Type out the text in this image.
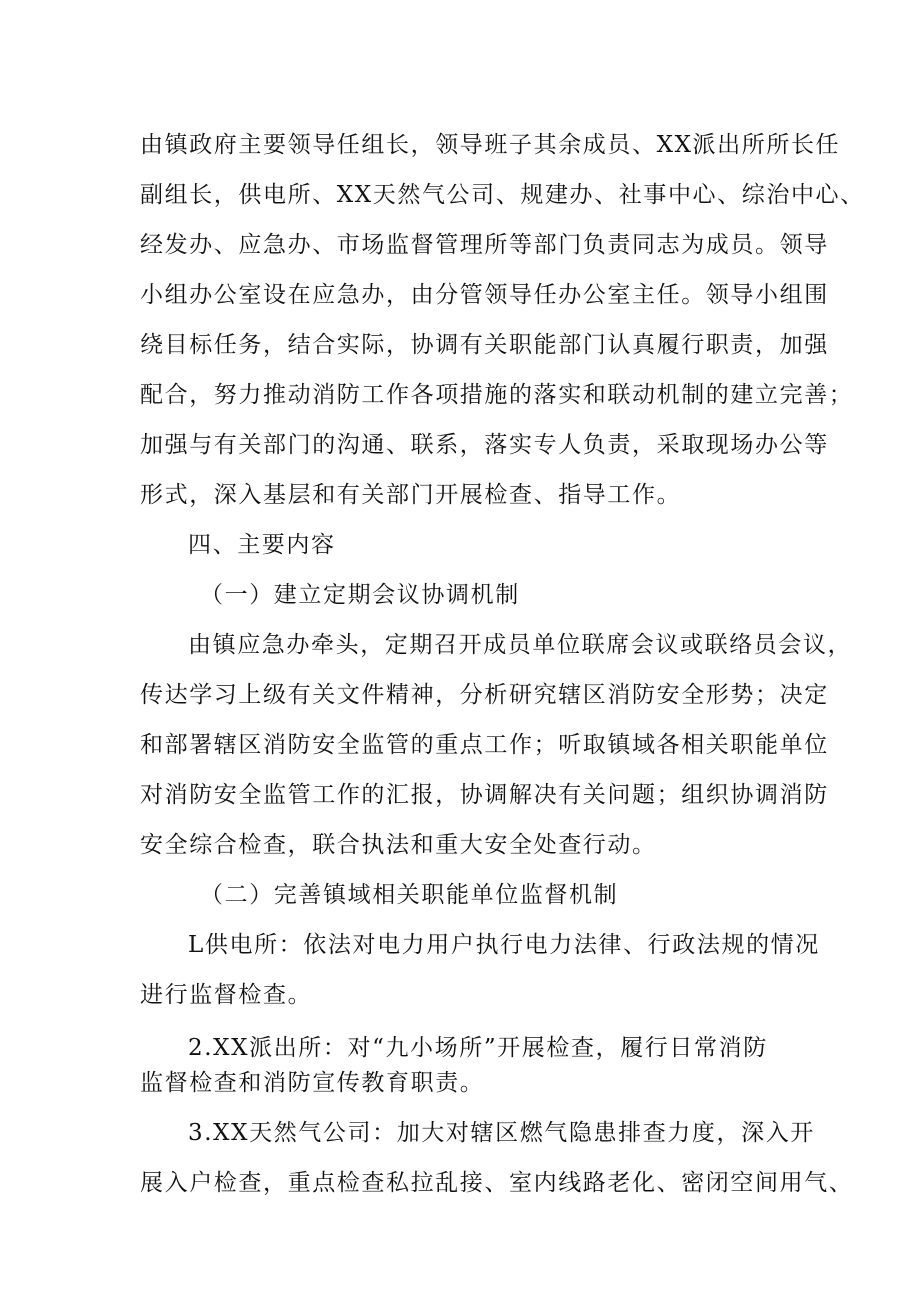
由镇政府主要领导任组长，领导班子其余成员、XX派出所所长任
副组长，供电所、XX天然气公司、规建办、社事中心、综治中心、
经发办、应急办、市场监督管理所等部门负责同志为成员。领导
小组办公室设在应急办，由分管领导任办公室主任。领导小组围
绕目标任务，结合实际，协调有关职能部门认真履行职责，加强
配合，努力推动消防工作各项措施的落实和联动机制的建立完善；
加强与有关部门的沟通、联系，落实专人负责，采取现场办公等
形式，深入基层和有关部门开展检查、指导工作。
四、主要内容
（一）建立定期会议协调机制
由镇应急办牵头，定期召开成员单位联席会议或联络员会议，
传达学习上级有关文件精神，分析研究辖区消防安全形势；决定
和部署辖区消防安全监管的重点工作；听取镇域各相关职能单位
对消防安全监管工作的汇报，协调解决有关问题；组织协调消防
安全综合检查，联合执法和重大安全处查行动。
（二）完善镇域相关职能单位监督机制
L供电所：依法对电力用户执行电力法律、行政法规的情况
进行监督检查。
2.XX派出所：对“九小场所”开展检查，履行日常消防
监督检查和消防宣传教育职责。
3.XX天然气公司：加大对辖区燃气隐患排查力度，深入开
展入户检查，重点检查私拉乱接、室内线路老化、密闭空间用气、
